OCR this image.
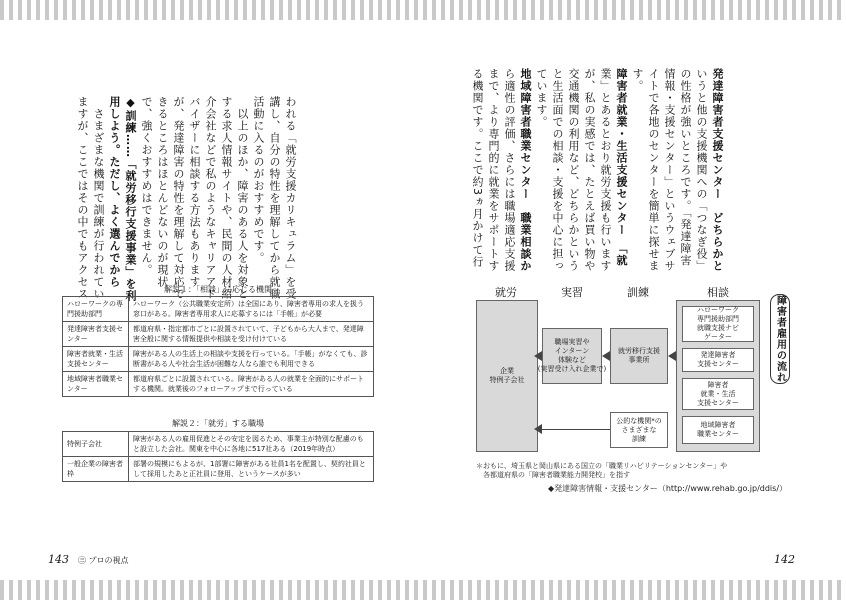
われる「就労支援カリキュラム」を受
講し、自分の特性を理解してから就職
活動に入るのがおすすめです。
　以上のほか、障害のある人を対象と
する求人情報サイトや、民間の人材紹
介会社などで私のようなキャリアアド
バイザーに相談する方法もあります
が、発達障害の特性を理解して対応で
きるところはほとんどないのが現状
で、強くおすすめはできません。
◆訓練……「就労移行支援事業」を利
用しよう。ただし、よく選んでから
　さまざまな機関で訓練が行われてい
ますが、ここではその中でもアクセス	解説１：「相談」に応じる機関
ハローワークの専門援助部門	ハローワーク（公共職業安定所）は全国にあり、障害者専用の求人を扱う窓口がある。障害者専用求人に応募するには「手帳」が必要
発達障害者支援センター	都道府県・指定都市ごとに設置されていて、子どもから大人まで、発達障害全般に関する情報提供や相談を受け付けている
障害者就業・生活支援センター	障害がある人の生活上の相談や支援を行っている。「手帳」がなくても、診断書がある人や社会生活が困難な人なら誰でも利用できる
地域障害者職業センター	都道府県ごとに設置されている。障害がある人の就業を全面的にサポートする機関。就業後のフォローアップまで行っている
解説２：「就労」する職場
特例子会社	障害がある人の雇用促進とその安定を図るため、事業主が特別な配慮のもと設立した会社。関東を中心に各地に517社ある（2019年時点）
一般企業の障害者枠	部署の規模にもよるが、1部署に障害がある社員1名を配置し、契約社員として採用したあと正社員に登用、というケースが多い
143 ㊂ プロの視点
発達障害者支援センター　どちらかと
いうと他の支援機関への「つなぎ役」
の性格が強いところです。「発達障害
情報・支援センター」というウェブサ
イトで各地のセンターを簡単に探せま
す。
障害者就業・生活支援センター　「就
業」とあるとおり就労支援も行います
が、私の実感では、たとえば買い物や
交通機関の利用など、どちらかという
と生活面での相談・支援を中心に担っ
ています。
地域障害者職業センター　職業相談か
ら適性の評価、さらには職場適応支援
まで、より専門的に就業をサポートす
る機関です。ここで約3ヵ月かけて行
就労	実習	訓練	相談
企業
特例子会社
職場実習や
インターン
体験など
(実習受け入れ企業で)
就労移行支援
事業所
公的な機関*の
さまざまな
訓練
ハローワーク
専門援助部門
就職支援ナビ
ゲーター
発達障害者
支援センター
障害者
就業・生活
支援センター
地域障害者
職業センター
障害者雇用の流れ
＊おもに、埼玉県と岡山県にある国立の「職業リハビリテーションセンター」や
　各都道府県の「障害者職業能力開発校」を指す
◆発達障害情報・支援センター（http://www.rehab.go.jp/ddis/）
142
